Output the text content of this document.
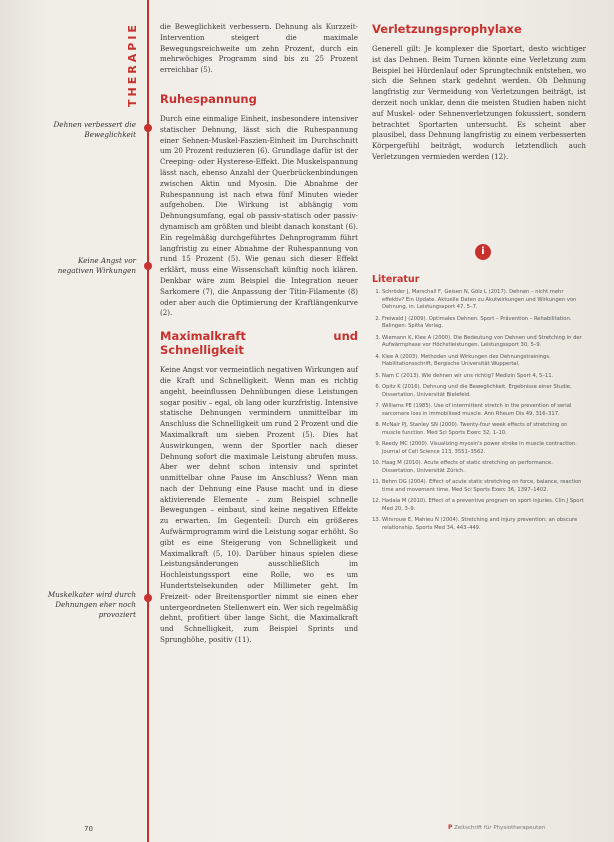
THERAPIE
Dehnen verbessert die Beweglichkeit
Keine Angst vor negativen Wirkungen
Muskelkater wird durch Dehnungen eher noch provoziert

die Beweglichkeit verbessern. Dehnung als Kurzzeit-Intervention steigert die maximale Bewegungsreichweite um zehn Prozent, durch ein mehrwöchiges Programm sind bis zu 25 Prozent erreichbar (5).

Ruhespannung

Durch eine einmalige Einheit, insbesondere intensiver statischer Dehnung, lässt sich die Ruhespannung einer Sehnen-Muskel-Faszien-Einheit im Durchschnitt um 20 Prozent reduzieren (6). Grundlage dafür ist der Creeping- oder Hysterese-Effekt. Die Muskelspannung lässt nach, ebenso Anzahl der Querbrückenbindungen zwischen Aktin und Myosin. Die Abnahme der Ruhespannung ist nach etwa fünf Minuten wieder aufgehoben. Die Wirkung ist abhängig vom Dehnungsumfang, egal ob passiv-statisch oder passiv-dynamisch am größten und bleibt danach konstant (6). Ein regelmäßig durchgeführtes Dehnprogramm führt langfristig zu einer Abnahme der Ruhespannung von rund 15 Prozent (5). Wie genau sich dieser Effekt erklärt, muss eine Wissenschaft künftig noch klären. Denkbar wäre zum Beispiel die Integration neuer Sarkomere (7), die Anpassung der Titin-Filamente (8) oder aber auch die Optimierung der Kraftlängenkurve (2).

Maximalkraft und Schnelligkeit

Keine Angst vor vermeintlich negativen Wirkungen auf die Kraft und Schnelligkeit. Wenn man es richtig angeht, beeinflussen Dehnübungen diese Leistungen sogar positiv – egal, ob lang oder kurzfristig. Intensive statische Dehnungen vermindern unmittelbar im Anschluss die Schnelligkeit um rund 2 Prozent und die Maximalkraft um sieben Prozent (5). Dies hat Auswirkungen, wenn der Sportler nach dieser Dehnung sofort die maximale Leistung abrufen muss. Aber wer dehnt schon intensiv und sprintet unmittelbar ohne Pause im Anschluss? Wenn man nach der Dehnung eine Pause macht und in diese aktivierende Elemente – zum Beispiel schnelle Bewegungen – einbaut, sind keine negativen Effekte zu erwarten. Im Gegenteil: Durch ein größeres Aufwärmprogramm wird die Leistung sogar erhöht. So gibt es eine Steigerung von Schnelligkeit und Maximalkraft (5, 10). Darüber hinaus spielen diese Leistungsänderungen ausschließlich im Hochleistungssport eine Rolle, wo es um Hundertstelsekunden oder Millimeter geht. Im Freizeit- oder Breitensportler nimmt sie einen eher untergeordneten Stellenwert ein. Wer sich regelmäßig dehnt, profitiert über lange Sicht, die Maximalkraft und Schnelligkeit, zum Beispiel Sprints und Sprunghöhe, positiv (11).

Verletzungsprophylaxe

Generell gilt: Je komplexer die Sportart, desto wichtiger ist das Dehnen. Beim Turnen könnte eine Verletzung zum Beispiel bei Hürdenlauf oder Sprungtechnik entstehen, wo sich die Sehnen stark gedehnt werden. Ob Dehnung langfristig zur Vermeidung von Verletzungen beiträgt, ist derzeit noch unklar, denn die meisten Studien haben nicht auf Muskel- oder Sehnenverletzungen fokussiert, sondern betrachtet Sportarten untersucht. Es scheint aber plausibel, dass Dehnung langfristig zu einem verbesserten Körpergefühl beiträgt, wodurch letztendlich auch Verletzungen vermieden werden (12).

i
Literatur
1. Schröder J, Marschall F, Geisen N, Gölz L (2017). Dehnen – nicht mehr effektiv? Ein Update. Aktuelle Daten zu Akutwirkungen und Wirkungen von Dehnung, in: Leistungssport 47, 5–7.
2. Freiwald J (2009). Optimales Dehnen. Sport – Prävention – Rehabilitation. Balingen: Spitta Verlag.
3. Wiemann K, Klee A (2000). Die Bedeutung von Dehnen und Stretching in der Aufwärmphase vor Höchstleistungen. Leistungssport 30, 5–9.
4. Klee A (2003). Methoden und Wirkungen des Dehnungstrainings. Habilitationsschrift, Bergische Universität Wuppertal.
5. Nam C (2013). Wie dehnen wir uns richtig? Medizin Sport 4, 5–11.
6. Opitz K (2016). Dehnung und die Beweglichkeit. Ergebnisse einer Studie, Dissertation, Universität Bielefeld.
7. Williams PE (1985). Use of intermittent stretch in the prevention of serial sarcomere loss in immobilised muscle. Ann Rheum Dis 49, 316–317.
8. McNair PJ, Stanley SN (2000). Twenty-four week effects of stretching on muscle function. Med Sci Sports Exerc 32, 1–10.
9. Reedy MC (2000). Visualizing myosin's power stroke in muscle contraction. Journal of Cell Science 113, 3551–3562.
10. Haag M (2010). Acute effects of static stretching on performance. Dissertation, Universität Zürich.
11. Behm DG (2004). Effect of acute static stretching on force, balance, reaction time and movement time. Med Sci Sports Exerc 36, 1397–1402.
12. Hadala M (2010). Effect of a preventive program on sport injuries. Clin J Sport Med 20, 3–9.
13. Witvrouw E, Mahieu N (2004). Stretching and injury prevention: an obscure relationship. Sports Med 34, 443–449.
70	P Zeitschrift für Physiotherapeuten
